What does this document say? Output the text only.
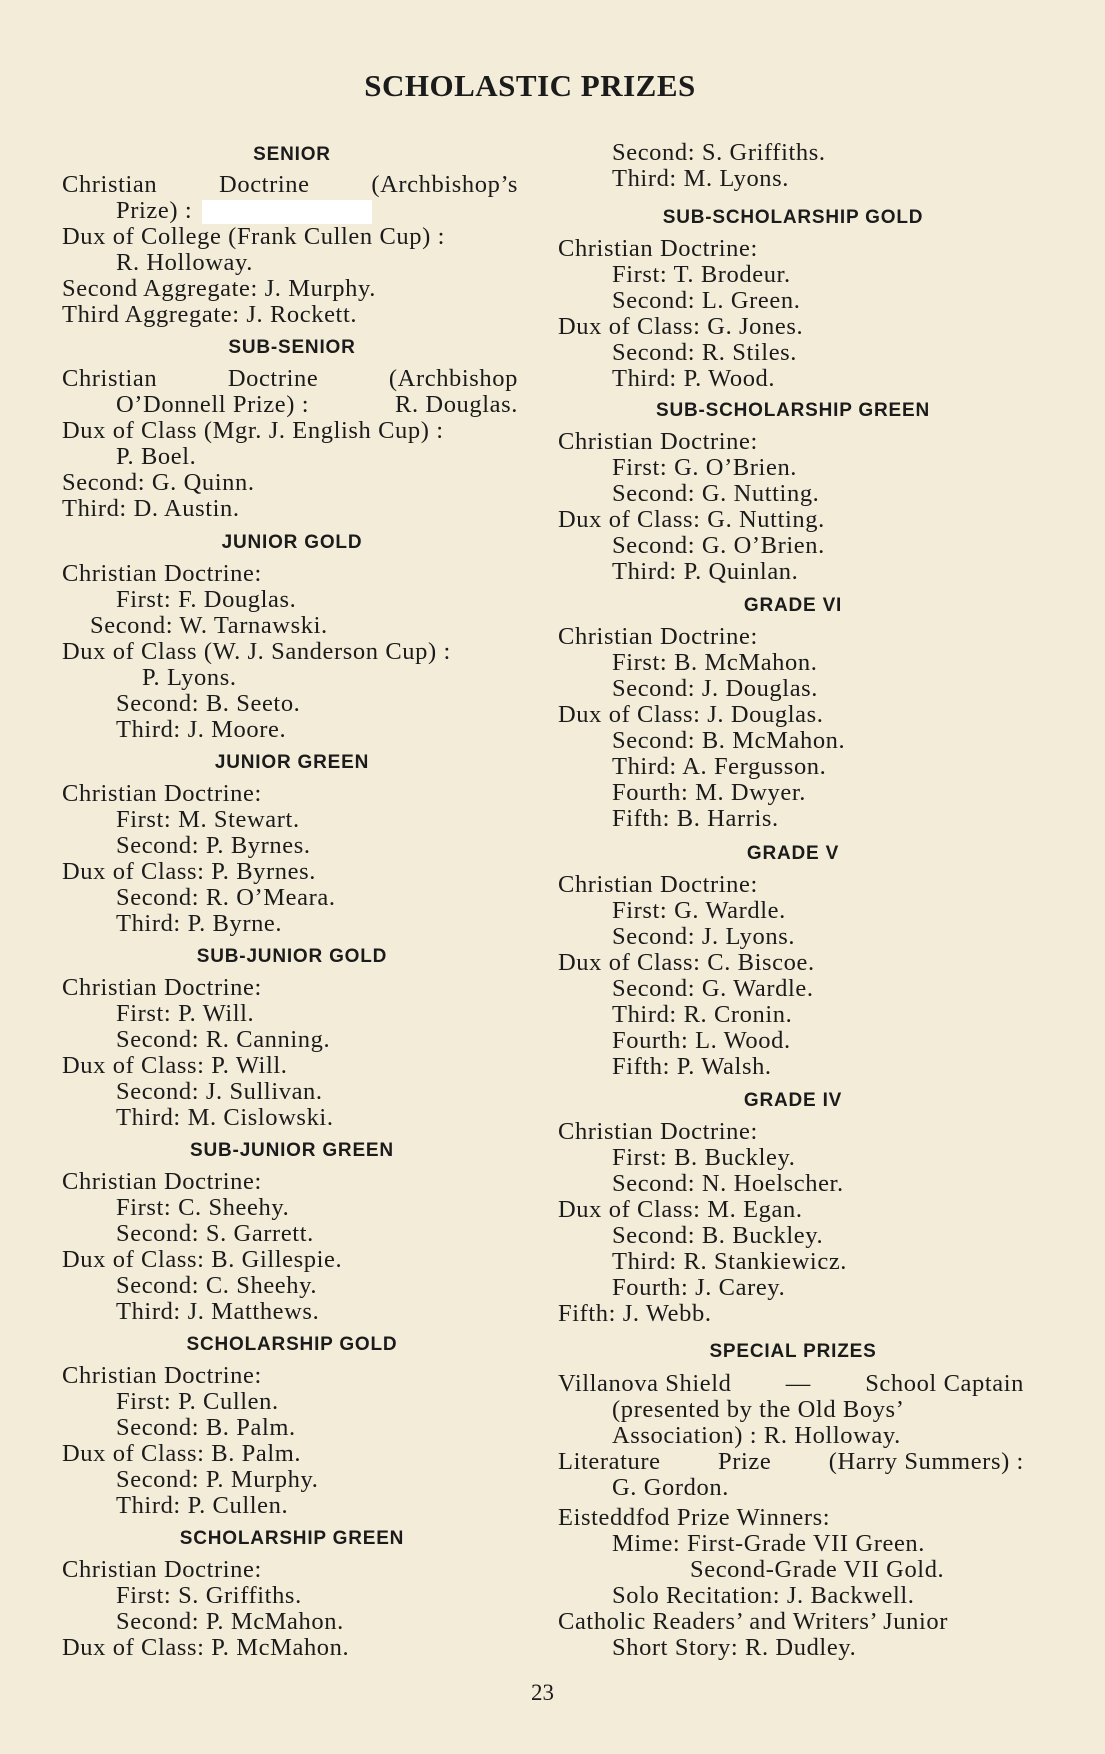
SCHOLASTIC PRIZES
SENIOR
Christian	Doctrine	(Archbishop’s
Prize) :
Dux of College (Frank Cullen Cup) :
R. Holloway.
Second Aggregate: J. Murphy.
Third Aggregate: J. Rockett.
SUB-SENIOR
Christian	Doctrine	(Archbishop
O’Donnell Prize) :	R. Douglas.
Dux of Class (Mgr. J. English Cup) :
P. Boel.
Second: G. Quinn.
Third: D. Austin.
JUNIOR GOLD
Christian Doctrine:
First: F. Douglas.
Second: W. Tarnawski.
Dux of Class (W. J. Sanderson Cup) :
P. Lyons.
Second: B. Seeto.
Third: J. Moore.
JUNIOR GREEN
Christian Doctrine:
First: M. Stewart.
Second: P. Byrnes.
Dux of Class: P. Byrnes.
Second: R. O’Meara.
Third: P. Byrne.
SUB-JUNIOR GOLD
Christian Doctrine:
First: P. Will.
Second: R. Canning.
Dux of Class: P. Will.
Second: J. Sullivan.
Third: M. Cislowski.
SUB-JUNIOR GREEN
Christian Doctrine:
First: C. Sheehy.
Second: S. Garrett.
Dux of Class: B. Gillespie.
Second: C. Sheehy.
Third: J. Matthews.
SCHOLARSHIP GOLD
Christian Doctrine:
First: P. Cullen.
Second: B. Palm.
Dux of Class: B. Palm.
Second: P. Murphy.
Third: P. Cullen.
SCHOLARSHIP GREEN
Christian Doctrine:
First: S. Griffiths.
Second: P. McMahon.
Dux of Class: P. McMahon.
Second: S. Griffiths.
Third: M. Lyons.
SUB-SCHOLARSHIP GOLD
Christian Doctrine:
First: T. Brodeur.
Second: L. Green.
Dux of Class: G. Jones.
Second: R. Stiles.
Third: P. Wood.
SUB-SCHOLARSHIP GREEN
Christian Doctrine:
First: G. O’Brien.
Second: G. Nutting.
Dux of Class: G. Nutting.
Second: G. O’Brien.
Third: P. Quinlan.
GRADE VI
Christian Doctrine:
First: B. McMahon.
Second: J. Douglas.
Dux of Class: J. Douglas.
Second: B. McMahon.
Third: A. Fergusson.
Fourth: M. Dwyer.
Fifth: B. Harris.
GRADE V
Christian Doctrine:
First: G. Wardle.
Second: J. Lyons.
Dux of Class: C. Biscoe.
Second: G. Wardle.
Third: R. Cronin.
Fourth: L. Wood.
Fifth: P. Walsh.
GRADE IV
Christian Doctrine:
First: B. Buckley.
Second: N. Hoelscher.
Dux of Class: M. Egan.
Second: B. Buckley.
Third: R. Stankiewicz.
Fourth: J. Carey.
Fifth: J. Webb.
SPECIAL PRIZES
Villanova Shield — School Captain
(presented by the Old Boys’
Association) : R. Holloway.
Literature Prize (Harry Summers) :
G. Gordon.
Eisteddfod Prize Winners:
Mime: First-Grade VII Green.
Second-Grade VII Gold.
Solo Recitation: J. Backwell.
Catholic Readers’ and Writers’ Junior
Short Story: R. Dudley.
23
